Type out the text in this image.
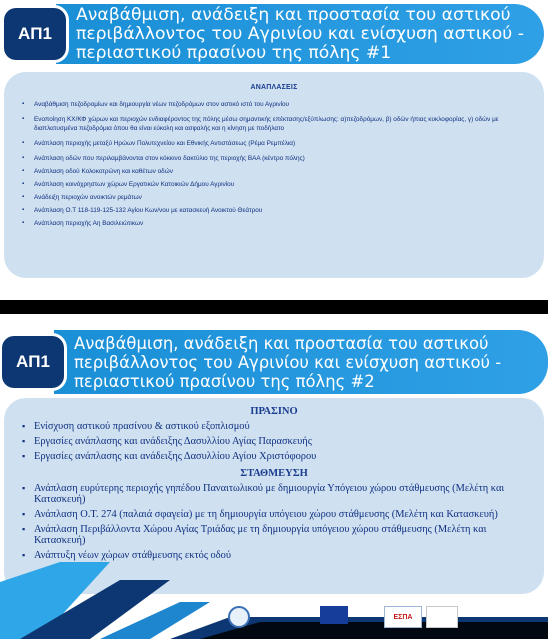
ΑΠ1
Αναβάθμιση, ανάδειξη και προστασία του αστικού περιβάλλοντος του Αγρινίου και ενίσχυση αστικού - περιαστικού πρασίνου της πόλης #1
ΑΝΑΠΛΑΣΕΙΣ
▪ Αναβάθμιση πεζοδρομίων και δημιουργία νέων πεζοδρόμων στον αστικό ιστό του Αγρινίου
▪ Ενοποίηση ΚΧ/ΚΦ χώρων και περιοχών ενδιαφέροντος της πόλης μέσω σημαντικής επέκτασης/εξύπλωσης: α)πεζοδρόμων, β) οδών ήπιας κυκλοφορίας, γ) οδών με διαπλατυσμένα πεζοδρόμια όπου θα είναι εύκολη και ασφαλής και η κίνηση με ποδήλατο
▪ Ανάπλαση περιοχής μεταξύ Ηρώων Πολυτεχνείου και Εθνικής Αντιστάσεως (Ρέμα Ρεμπέλια)
▪ Ανάπλαση οδών που περιλαμβάνονται στον κόκκινο δακτύλιο της περιοχής ΒΑΑ (κέντρο πόλης)
▪ Ανάπλαση οδού Κολοκοτρώνη και καθέτων οδών
▪ Ανάπλαση κοινόχρηστων χώρων Εργατικών Κατοικιών Δήμου Αγρινίου
▪ Ανάδειξη περιοχών ανοικτών ρεμάτων
▪ Ανάπλαση Ο.Τ 118-119-125-132 Αγίου Κων/νου με κατασκευή Ανοικτού Θεάτρου
▪ Ανάπλαση περιοχής Αη Βασιλειώτικων
ΑΠ1
Αναβάθμιση, ανάδειξη και προστασία του αστικού περιβάλλοντος του Αγρινίου και ενίσχυση αστικού - περιαστικού πρασίνου της πόλης #2
ΠΡΑΣΙΝΟ
▪ Ενίσχυση αστικού πρασίνου & αστικού εξοπλισμού
▪ Εργασίες ανάπλασης και ανάδειξης Δασυλλίου Αγίας Παρασκευής
▪ Εργασίες ανάπλασης και ανάδειξης Δασυλλίου Αγίου Χριστόφορου
ΣΤΑΘΜΕΥΣΗ
▪ Ανάπλαση ευρύτερης περιοχής γηπέδου Παναιτωλικού με δημιουργία Υπόγειου χώρου στάθμευσης (Μελέτη και Κατασκευή)
▪ Ανάπλαση Ο.Τ. 274 (παλαιά σφαγεία) με τη δημιουργία υπόγειου χώρου στάθμευσης (Μελέτη και Κατασκευή)
▪ Ανάπλαση Περιβάλλοντα Χώρου Αγίας Τριάδας με τη δημιουργία υπόγειου χώρου στάθμευσης (Μελέτη και Κατασκευή)
▪ Ανάπτυξη νέων χώρων στάθμευσης εκτός οδού
ΕΣΠΑ
